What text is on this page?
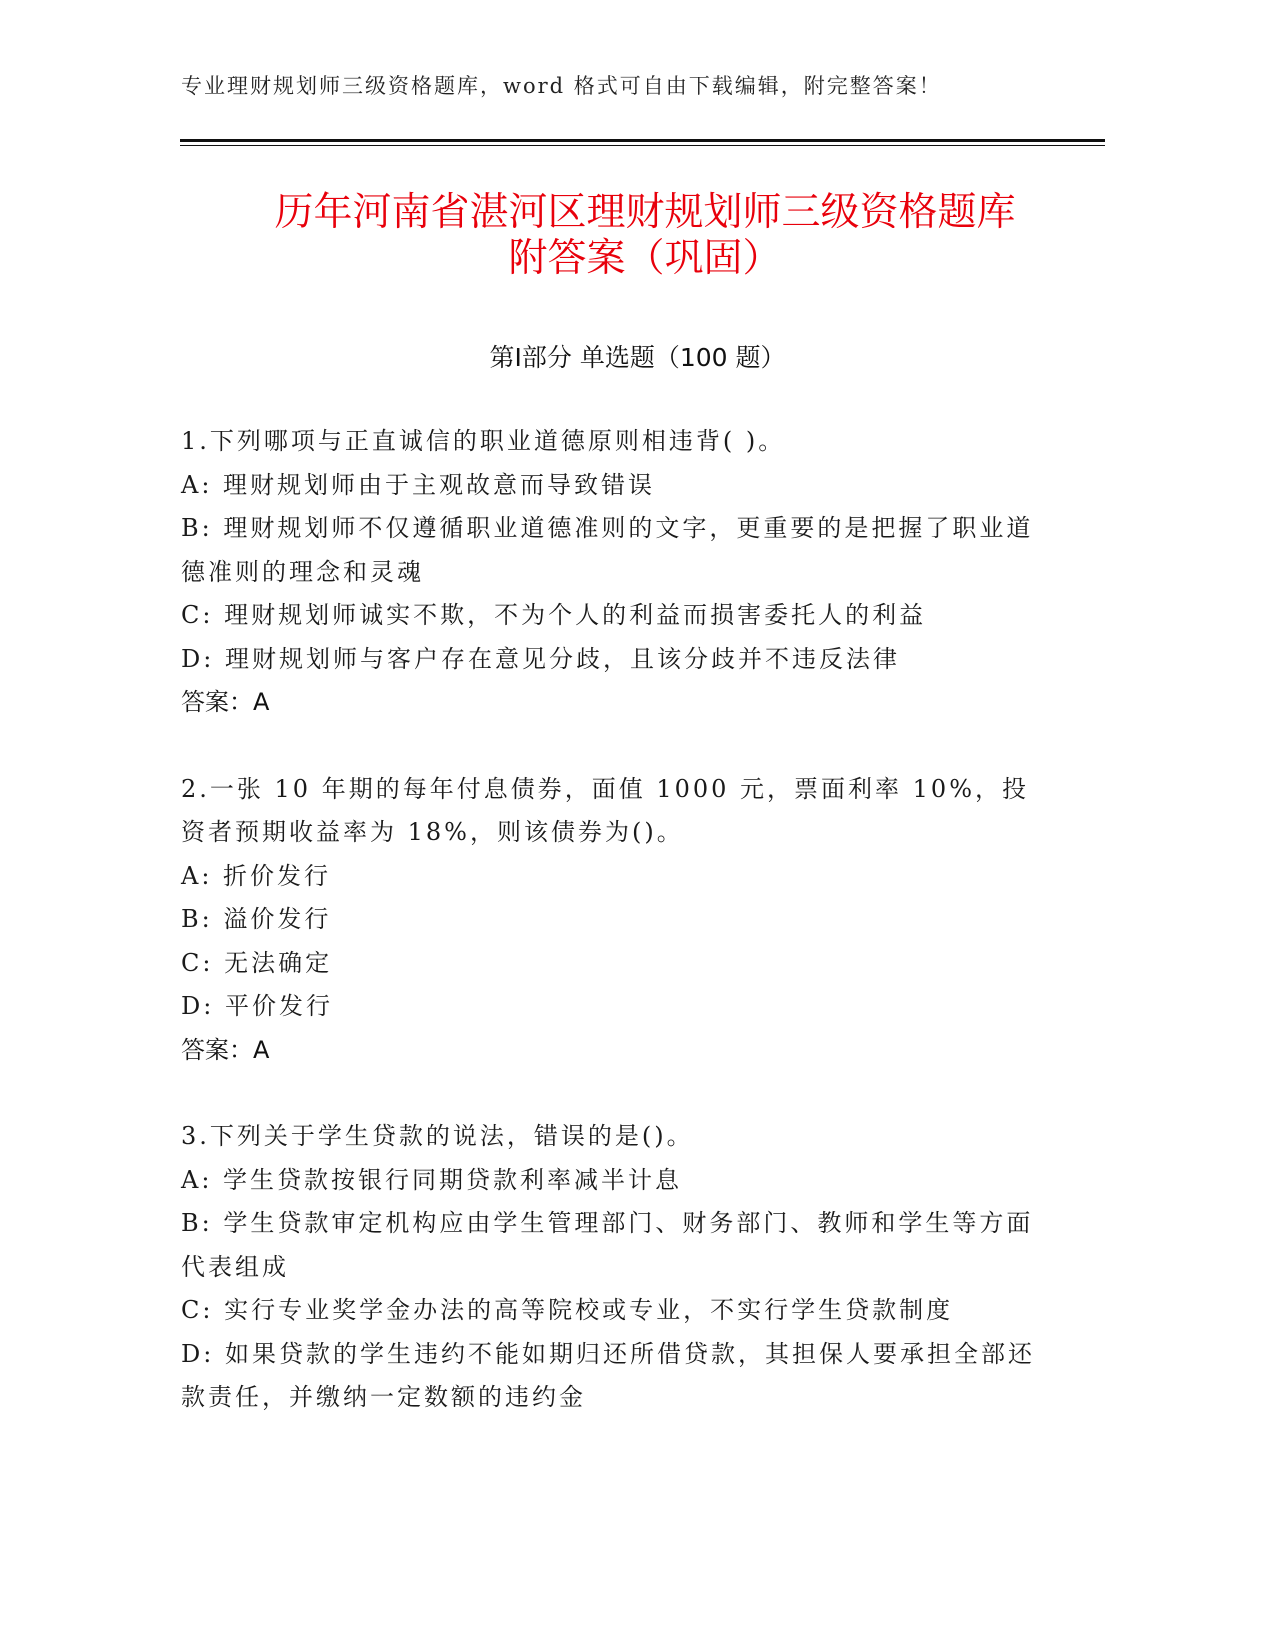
专业理财规划师三级资格题库，word 格式可自由下载编辑，附完整答案！
历年河南省湛河区理财规划师三级资格题库
附答案（巩固）
第Ⅰ部分 单选题（100 题）
1.下列哪项与正直诚信的职业道德原则相违背( )。
A: 理财规划师由于主观故意而导致错误
B: 理财规划师不仅遵循职业道德准则的文字，更重要的是把握了职业道德准则的理念和灵魂
C: 理财规划师诚实不欺，不为个人的利益而损害委托人的利益
D: 理财规划师与客户存在意见分歧，且该分歧并不违反法律
答案：A
2.一张 10 年期的每年付息债券，面值 1000 元，票面利率 10%，投资者预期收益率为 18%，则该债券为()。
A: 折价发行
B: 溢价发行
C: 无法确定
D: 平价发行
答案：A
3.下列关于学生贷款的说法，错误的是()。
A: 学生贷款按银行同期贷款利率减半计息
B: 学生贷款审定机构应由学生管理部门、财务部门、教师和学生等方面代表组成
C: 实行专业奖学金办法的高等院校或专业，不实行学生贷款制度
D: 如果贷款的学生违约不能如期归还所借贷款，其担保人要承担全部还款责任，并缴纳一定数额的违约金
